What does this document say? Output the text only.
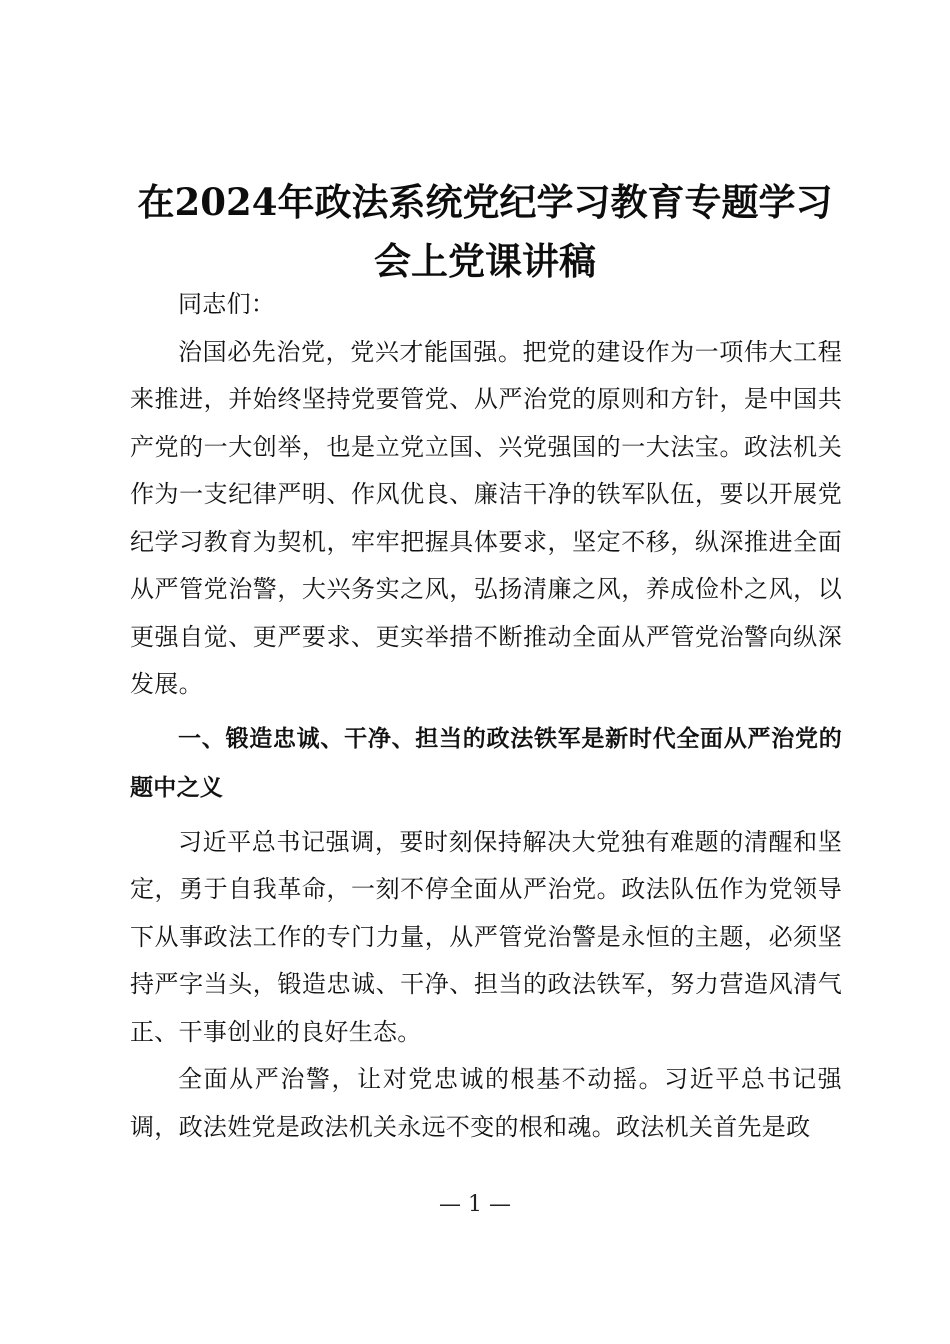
在2024年政法系统党纪学习教育专题学习会上党课讲稿

同志们：

治国必先治党，党兴才能国强。把党的建设作为一项伟大工程来推进，并始终坚持党要管党、从严治党的原则和方针，是中国共产党的一大创举，也是立党立国、兴党强国的一大法宝。政法机关作为一支纪律严明、作风优良、廉洁干净的铁军队伍，要以开展党纪学习教育为契机，牢牢把握具体要求，坚定不移，纵深推进全面从严管党治警，大兴务实之风，弘扬清廉之风，养成俭朴之风，以更强自觉、更严要求、更实举措不断推动全面从严管党治警向纵深发展。

一、锻造忠诚、干净、担当的政法铁军是新时代全面从严治党的题中之义

习近平总书记强调，要时刻保持解决大党独有难题的清醒和坚定，勇于自我革命，一刻不停全面从严治党。政法队伍作为党领导下从事政法工作的专门力量，从严管党治警是永恒的主题，必须坚持严字当头，锻造忠诚、干净、担当的政法铁军，努力营造风清气正、干事创业的良好生态。

全面从严治警，让对党忠诚的根基不动摇。习近平总书记强调，政法姓党是政法机关永远不变的根和魂。政法机关首先是政

— 1 —
